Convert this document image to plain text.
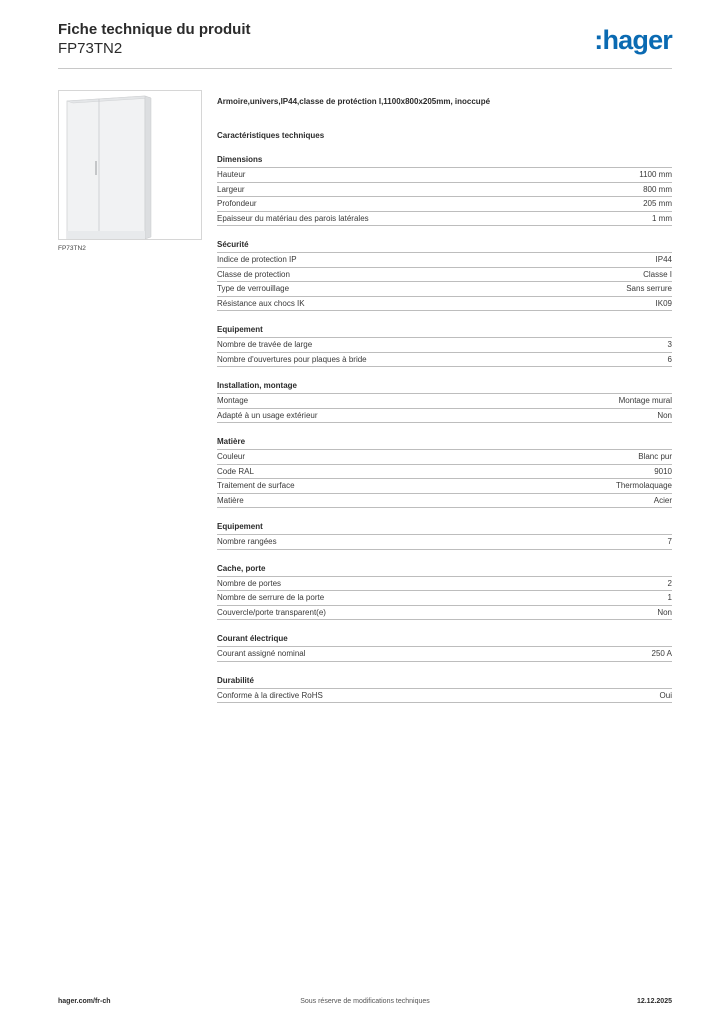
Fiche technique du produit
FP73TN2	:hager
FP73TN2
Armoire,univers,IP44,classe de protéction I,1100x800x205mm, inoccupé
Caractéristiques techniques
Dimensions
Hauteur	1100 mm
Largeur	800 mm
Profondeur	205 mm
Epaisseur du matériau des parois latérales	1 mm
Sécurité
Indice de protection IP	IP44
Classe de protection	Classe I
Type de verrouillage	Sans serrure
Résistance aux chocs IK	IK09
Equipement
Nombre de travée de large	3
Nombre d'ouvertures pour plaques à bride	6
Installation, montage
Montage	Montage mural
Adapté à un usage extérieur	Non
Matière
Couleur	Blanc pur
Code RAL	9010
Traitement de surface	Thermolaquage
Matière	Acier
Equipement
Nombre rangées	7
Cache, porte
Nombre de portes	2
Nombre de serrure de la porte	1
Couvercle/porte transparent(e)	Non
Courant électrique
Courant assigné nominal	250 A
Durabilité
Conforme à la directive RoHS	Oui
hager.com/fr-ch	Sous réserve de modifications techniques	12.12.2025
